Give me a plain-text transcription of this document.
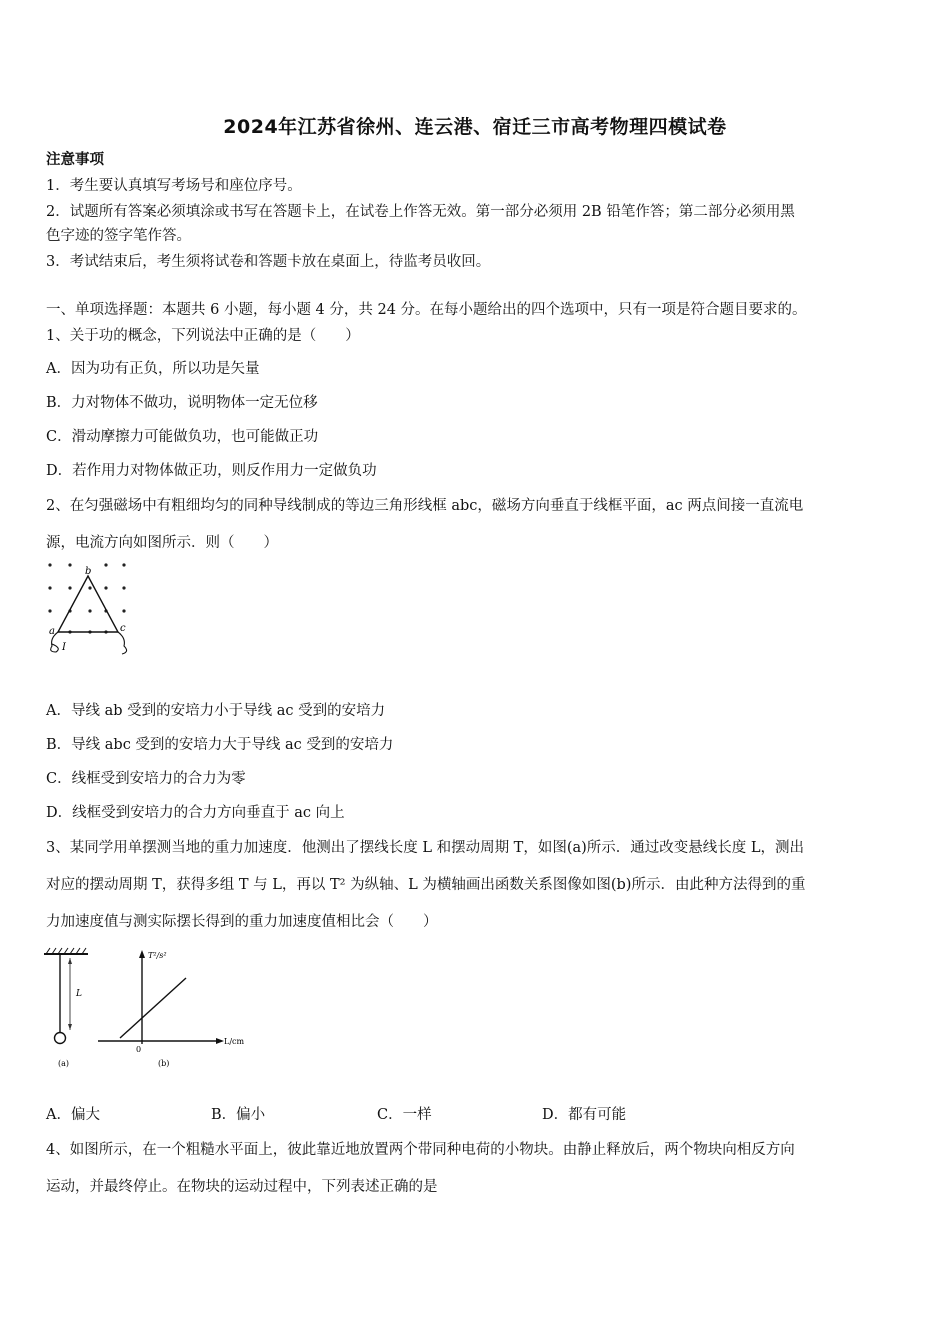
2024年江苏省徐州、连云港、宿迁三市高考物理四模试卷
注意事项
1．考生要认真填写考场号和座位序号。
2．试题所有答案必须填涂或书写在答题卡上，在试卷上作答无效。第一部分必须用 2B 铅笔作答；第二部分必须用黑
色字迹的签字笔作答。
3．考试结束后，考生须将试卷和答题卡放在桌面上，待监考员收回。
一、单项选择题：本题共 6 小题，每小题 4 分，共 24 分。在每小题给出的四个选项中，只有一项是符合题目要求的。
1、关于功的概念，下列说法中正确的是（　　）
A．因为功有正负，所以功是矢量
B．力对物体不做功，说明物体一定无位移
C．滑动摩擦力可能做负功，也可能做正功
D．若作用力对物体做正功，则反作用力一定做负功
2、在匀强磁场中有粗细均匀的同种导线制成的等边三角形线框 abc，磁场方向垂直于线框平面，ac 两点间接一直流电
源，电流方向如图所示．则（　　）
b
a	c
I
A．导线 ab 受到的安培力小于导线 ac 受到的安培力
B．导线 abc 受到的安培力大于导线 ac 受到的安培力
C．线框受到安培力的合力为零
D．线框受到安培力的合力方向垂直于 ac 向上
3、某同学用单摆测当地的重力加速度．他测出了摆线长度 L 和摆动周期 T，如图(a)所示．通过改变悬线长度 L，测出
对应的摆动周期 T，获得多组 T 与 L，再以 T² 为纵轴、L 为横轴画出函数关系图像如图(b)所示．由此种方法得到的重
力加速度值与测实际摆长得到的重力加速度值相比会（　　）
L
(a)
T²/s²
L/cm
0
(b)
A．偏大	B．偏小	C．一样	D．都有可能
4、如图所示，在一个粗糙水平面上，彼此靠近地放置两个带同种电荷的小物块。由静止释放后，两个物块向相反方向
运动，并最终停止。在物块的运动过程中，下列表述正确的是
